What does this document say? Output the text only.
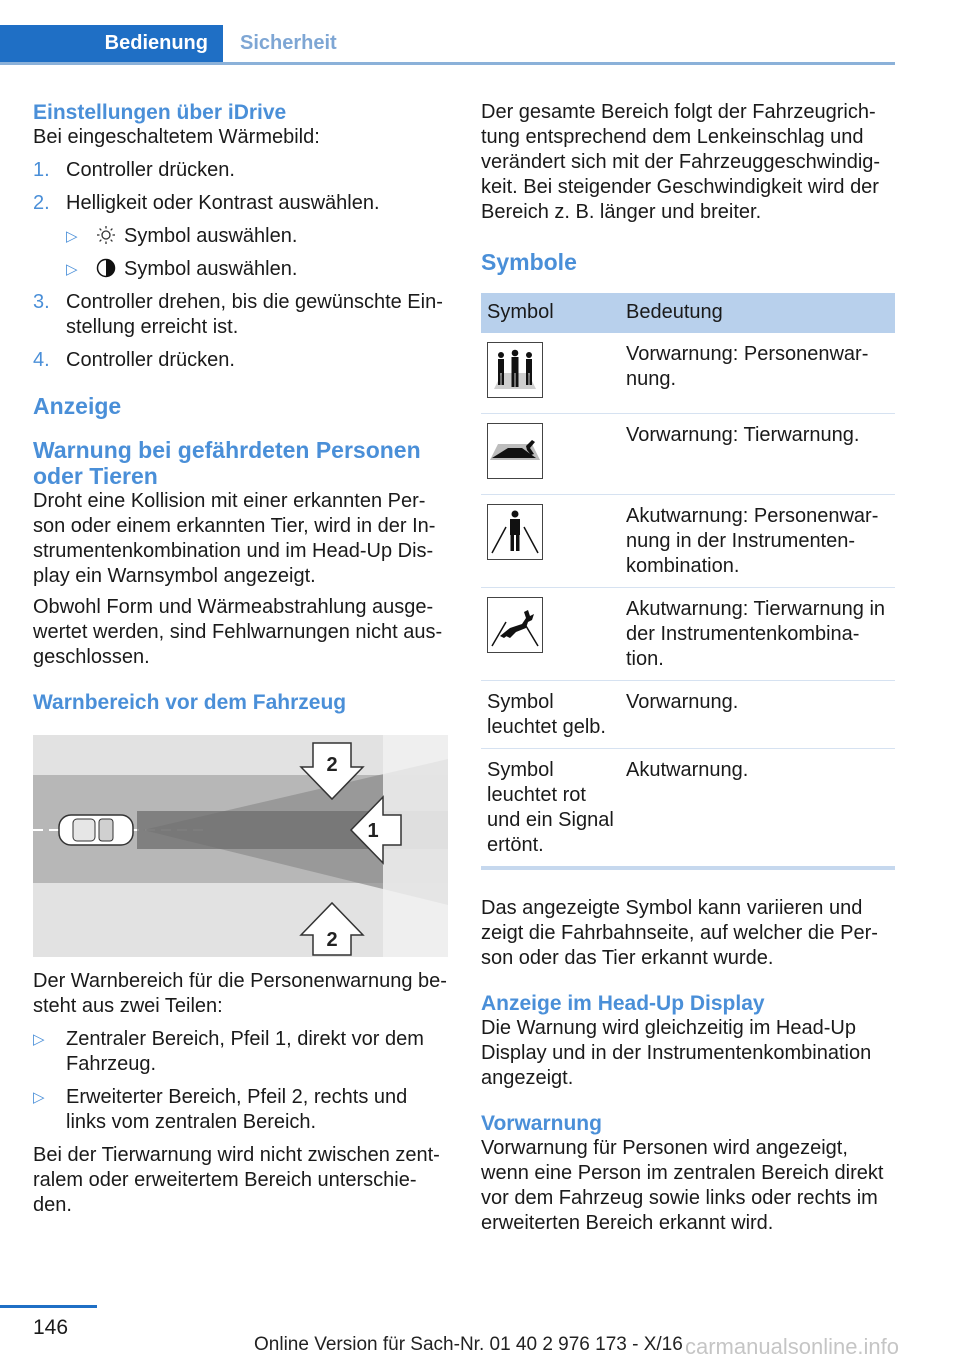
Bedienung Sicherheit
Einstellungen über iDrive

Bei eingeschaltetem Wärmebild:

1. Controller drücken.
2. Helligkeit oder Kontrast auswählen.
▷ Symbol auswählen.
▷ Symbol auswählen.
3. Controller drehen, bis die gewünschte Ein-stellung erreicht ist.
4. Controller drücken.
Anzeige
Warnung bei gefährdeten Personen oder Tieren

Droht eine Kollision mit einer erkannten Per-son oder einem erkannten Tier, wird in der In-strumentenkombination und im Head-Up Dis-play ein Warnsymbol angezeigt.

Obwohl Form und Wärmeabstrahlung ausge-wertet werden, sind Fehlwarnungen nicht aus-geschlossen.

Warnbereich vor dem Fahrzeug
2
1
2

Der Warnbereich für die Personenwarnung be-steht aus zwei Teilen:

▷ Zentraler Bereich, Pfeil 1, direkt vor dem Fahrzeug.
▷ Erweiterter Bereich, Pfeil 2, rechts und links vom zentralen Bereich.

Bei der Tierwarnung wird nicht zwischen zent-ralem oder erweitertem Bereich unterschie-den.

Der gesamte Bereich folgt der Fahrzeugrich-tung entsprechend dem Lenkeinschlag und verändert sich mit der Fahrzeuggeschwindig-keit. Bei steigender Geschwindigkeit wird der Bereich z. B. länger und breiter.

Symbole
Symbol	Bedeutung
	Vorwarnung: Personenwar-nung.
	Vorwarnung: Tierwarnung.
	Akutwarnung: Personenwar-nung in der Instrumenten-kombination.
	Akutwarnung: Tierwarnung in der Instrumentenkombina-tion.
Symbol leuchtet gelb.	Vorwarnung.
Symbol leuchtet rot und ein Signal ertönt.	Akutwarnung.

Das angezeigte Symbol kann variieren und zeigt die Fahrbahnseite, auf welcher die Per-son oder das Tier erkannt wurde.

Anzeige im Head-Up Display

Die Warnung wird gleichzeitig im Head-Up Display und in der Instrumentenkombination angezeigt.

Vorwarnung

Vorwarnung für Personen wird angezeigt, wenn eine Person im zentralen Bereich direkt vor dem Fahrzeug sowie links oder rechts im erweiterten Bereich erkannt wird.

146
Online Version für Sach-Nr. 01 40 2 976 173 - X/16 carmanualsonline.info
